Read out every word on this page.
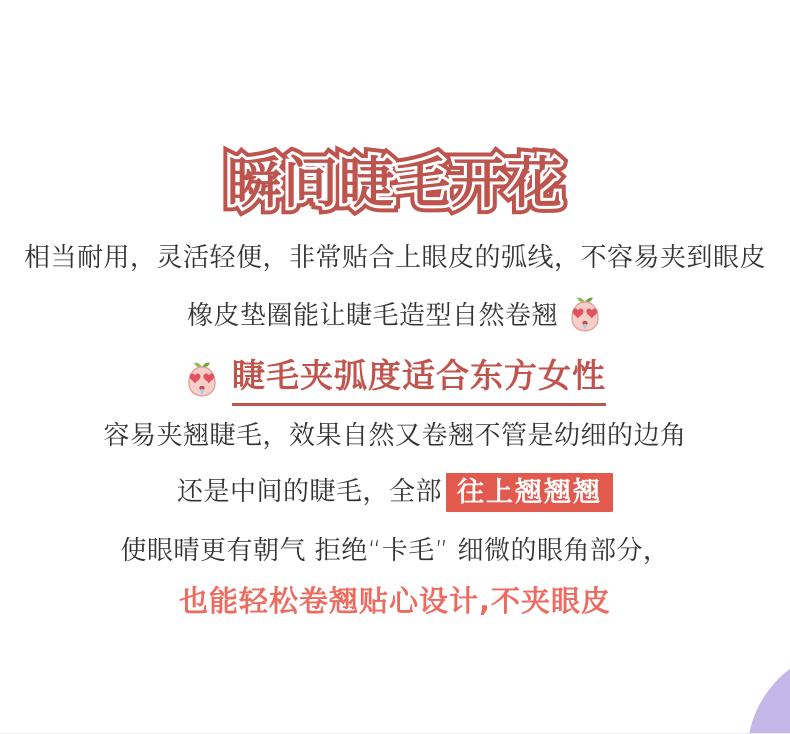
瞬间睫毛开花 瞬间睫毛开花 瞬间睫毛开花

相当耐用，灵活轻便，非常贴合上眼皮的弧线，不容易夹到眼皮

橡皮垫圈能让睫毛造型自然卷翘

睫毛夹弧度适合东方女性

容易夹翘睫毛，效果自然又卷翘不管是幼细的边角

还是中间的睫毛，全部 往上翘翘翘

使眼晴更有朝气 拒绝“卡毛” 细微的眼角部分，

也能轻松卷翘贴心设计,不夹眼皮
